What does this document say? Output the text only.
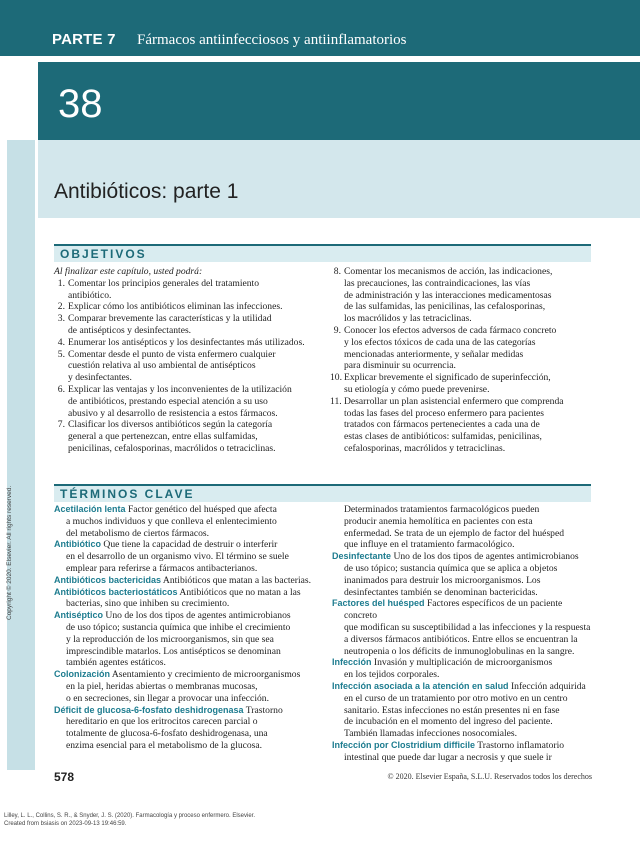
PARTE 7 Fármacos antiinfecciosos y antiinflamatorios
38
Antibióticos: parte 1
Copyright © 2020. Elsevier. All rights reserved.
OBJETIVOS
Al finalizar este capítulo, usted podrá:
1. Comentar los principios generales del tratamiento
antibiótico.
2. Explicar cómo los antibióticos eliminan las infecciones.
3. Comparar brevemente las características y la utilidad
de antisépticos y desinfectantes.
4. Enumerar los antisépticos y los desinfectantes más utilizados.
5. Comentar desde el punto de vista enfermero cualquier
cuestión relativa al uso ambiental de antisépticos
y desinfectantes.
6. Explicar las ventajas y los inconvenientes de la utilización
de antibióticos, prestando especial atención a su uso
abusivo y al desarrollo de resistencia a estos fármacos.
7. Clasificar los diversos antibióticos según la categoría
general a que pertenezcan, entre ellas sulfamidas,
penicilinas, cefalosporinas, macrólidos o tetraciclinas.
8. Comentar los mecanismos de acción, las indicaciones,
las precauciones, las contraindicaciones, las vías
de administración y las interacciones medicamentosas
de las sulfamidas, las penicilinas, las cefalosporinas,
los macrólidos y las tetraciclinas.
9. Conocer los efectos adversos de cada fármaco concreto
y los efectos tóxicos de cada una de las categorías
mencionadas anteriormente, y señalar medidas
para disminuir su ocurrencia.
10. Explicar brevemente el significado de superinfección,
su etiología y cómo puede prevenirse.
11. Desarrollar un plan asistencial enfermero que comprenda
todas las fases del proceso enfermero para pacientes
tratados con fármacos pertenecientes a cada una de
estas clases de antibióticos: sulfamidas, penicilinas,
cefalosporinas, macrólidos y tetraciclinas.
TÉRMINOS CLAVE
Acetilación lenta Factor genético del huésped que afecta
a muchos individuos y que conlleva el enlentecimiento
del metabolismo de ciertos fármacos.
Antibiótico Que tiene la capacidad de destruir o interferir
en el desarrollo de un organismo vivo. El término se suele
emplear para referirse a fármacos antibacterianos.
Antibióticos bactericidas Antibióticos que matan a las bacterias.
Antibióticos bacteriostáticos Antibióticos que no matan a las
bacterias, sino que inhiben su crecimiento.
Antiséptico Uno de los dos tipos de agentes antimicrobianos
de uso tópico; sustancia química que inhibe el crecimiento
y la reproducción de los microorganismos, sin que sea
imprescindible matarlos. Los antisépticos se denominan
también agentes estáticos.
Colonización Asentamiento y crecimiento de microorganismos
en la piel, heridas abiertas o membranas mucosas,
o en secreciones, sin llegar a provocar una infección.
Déficit de glucosa-6-fosfato deshidrogenasa Trastorno
hereditario en que los eritrocitos carecen parcial o
totalmente de glucosa-6-fosfato deshidrogenasa, una
enzima esencial para el metabolismo de la glucosa.
Determinados tratamientos farmacológicos pueden
producir anemia hemolítica en pacientes con esta
enfermedad. Se trata de un ejemplo de factor del huésped
que influye en el tratamiento farmacológico.
Desinfectante Uno de los dos tipos de agentes antimicrobianos
de uso tópico; sustancia química que se aplica a objetos
inanimados para destruir los microorganismos. Los
desinfectantes también se denominan bactericidas.
Factores del huésped Factores específicos de un paciente concreto
que modifican su susceptibilidad a las infecciones y la respuesta
a diversos fármacos antibióticos. Entre ellos se encuentran la
neutropenia o los déficits de inmunoglobulinas en la sangre.
Infección Invasión y multiplicación de microorganismos
en los tejidos corporales.
Infección asociada a la atención en salud Infección adquirida
en el curso de un tratamiento por otro motivo en un centro
sanitario. Estas infecciones no están presentes ni en fase
de incubación en el momento del ingreso del paciente.
También llamadas infecciones nosocomiales.
Infección por Clostridium difficile Trastorno inflamatorio
intestinal que puede dar lugar a necrosis y que suele ir
578	© 2020. Elsevier España, S.L.U. Reservados todos los derechos
Lilley, L. L., Collins, S. R., & Snyder, J. S. (2020). Farmacología y proceso enfermero. Elsevier.
Created from bsiasis on 2023-09-13 19:46:59.
